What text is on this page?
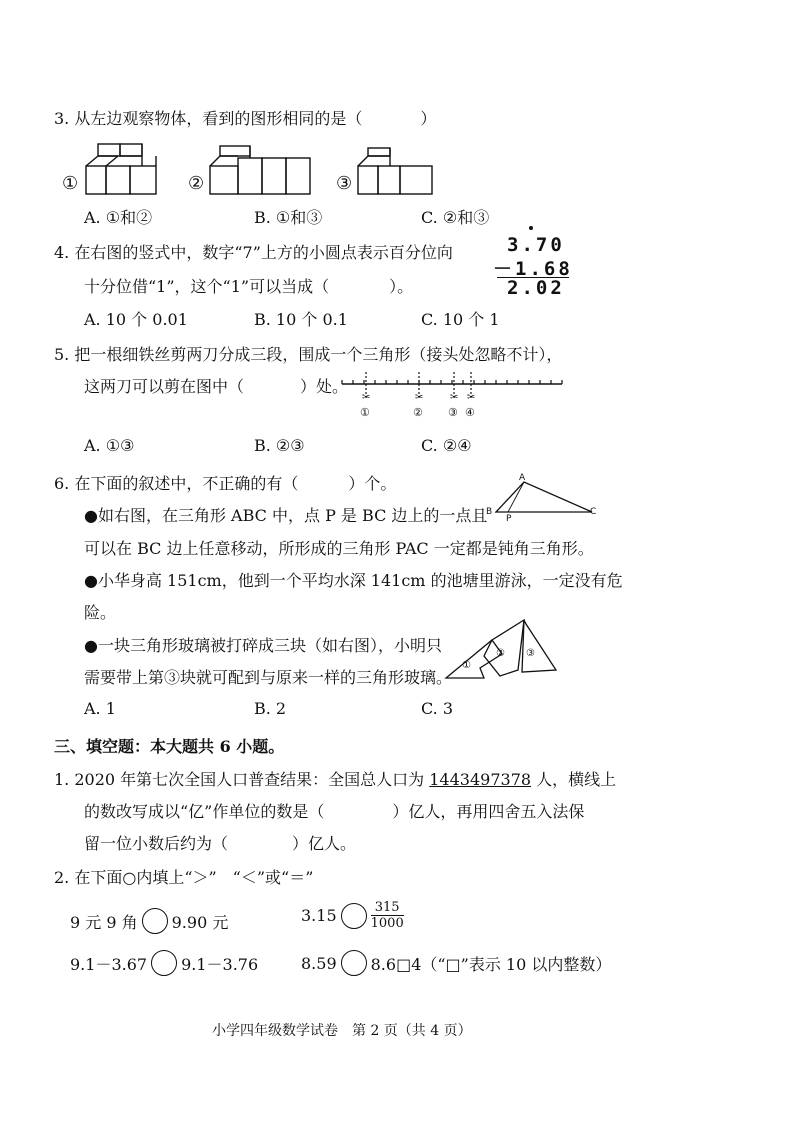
3. 从左边观察物体，看到的图形相同的是（	）
①	②	③
A. ①和②	B. ①和③	C. ②和③
4. 在右图的竖式中，数字“7”上方的小圆点表示百分位向
十分位借“1”，这个“1”可以当成（	）。
3.70
－1.68
2.02
A. 10 个 0.01	B. 10 个 0.1	C. 10 个 1
5. 把一根细铁丝剪两刀分成三段，围成一个三角形（接头处忽略不计），
这两刀可以剪在图中（	）处。
✂	✂	✂ ✂
①	② ③ ④
A. ①③	B. ②③	C. ②④
6. 在下面的叙述中，不正确的有（	）个。	A
B	C
P
●如右图，在三角形 ABC 中，点 P 是 BC 边上的一点且
可以在 BC 边上任意移动，所形成的三角形 PAC 一定都是钝角三角形。
●小华身高 151cm，他到一个平均水深 141cm 的池塘里游泳，一定没有危
险。
●一块三角形玻璃被打碎成三块（如右图），小明只
需要带上第③块就可配到与原来一样的三角形玻璃。
①
② ③
A. 1	B. 2	C. 3
三、填空题：本大题共 6 小题。
1. 2020 年第七次全国人口普查结果：全国总人口为 1443497378 人，横线上
的数改写成以“亿”作单位的数是（	）亿人，再用四舍五入法保
留一位小数后约为（	）亿人。
2. 在下面○内填上“＞”　“＜”或“＝”
9 元 9 角 9.90 元	3.15	315
1000
9.1－3.67 9.1－3.76	8.59 8.6□4（“□”表示 10 以内整数）
小学四年级数学试卷　第 2 页（共 4 页）
